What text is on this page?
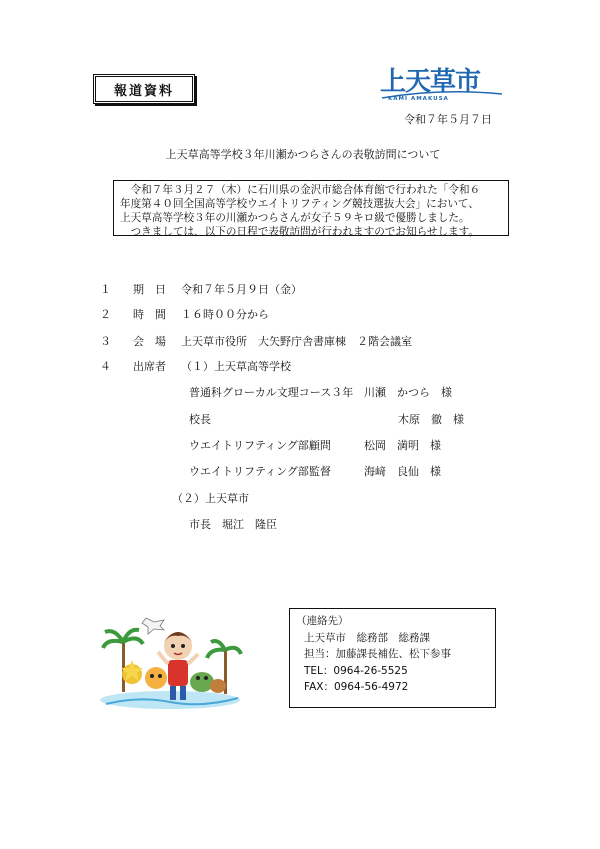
報道資料	上天草市
KAMI AMAKUSA
令和７年５月７日
上天草高等学校３年川瀬かつらさんの表敬訪問について

　令和７年３月２７（木）に石川県の金沢市総合体育館で行われた「令和６

年度第４０回全国高等学校ウエイトリフティング競技選抜大会」において、

上天草高等学校３年の川瀬かつらさんが女子５９キロ級で優勝しました。

　つきましては、以下の日程で表敬訪問が行われますのでお知らせします。

１ 期　日 令和７年５月９日（金）
２ 時　間 １６時００分から
３ 会　場 上天草市役所　大矢野庁舎書庫棟　２階会議室
４ 出席者 （１）上天草高等学校
普通科グローカル文理コース３年 川瀬　かつら　様
校長	木原　徹　様
ウエイトリフティング部顧問	松岡　満明　様
ウエイトリフティング部監督	海﨑　良仙　様
（２）上天草市
市長　堀江　隆臣
（連絡先）
上天草市　総務部　総務課
担当：加藤課長補佐、松下参事
TEL：0964-26-5525
FAX：0964-56-4972
